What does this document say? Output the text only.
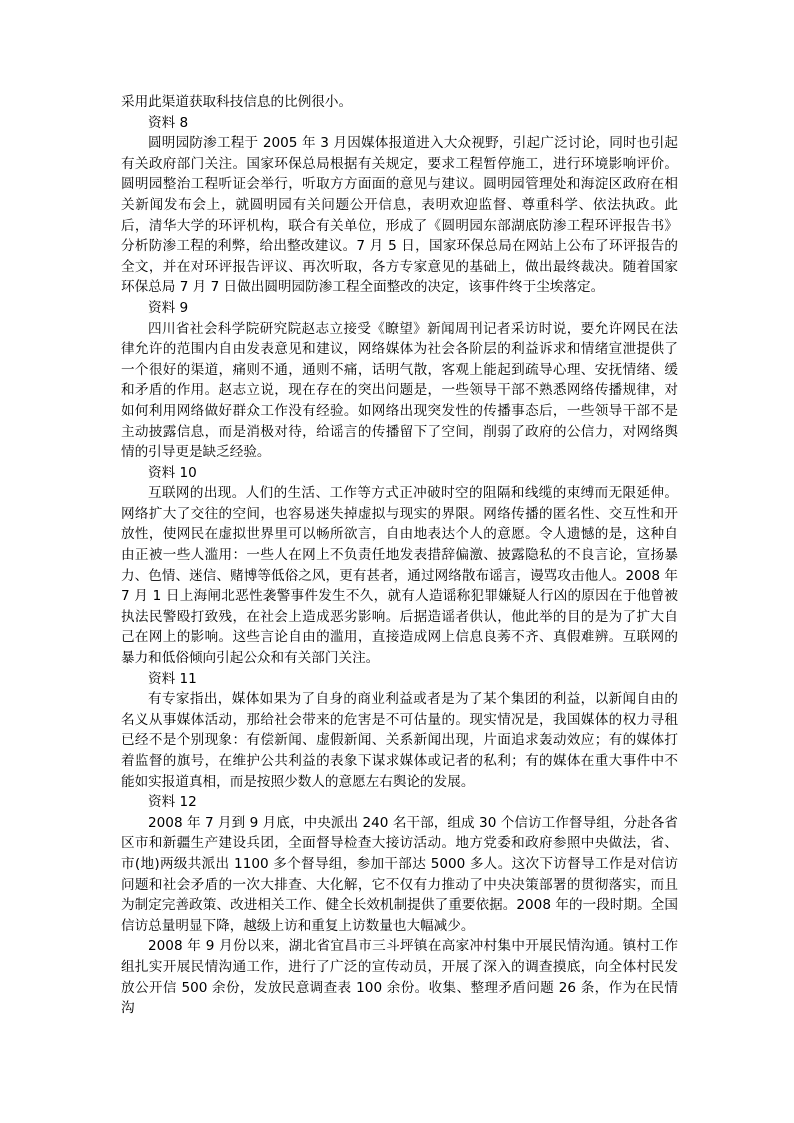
采用此渠道获取科技信息的比例很小。

资料 8

圆明园防渗工程于 2005 年 3 月因媒体报道进入大众视野，引起广泛讨论，同时也引起有关政府部门关注。国家环保总局根据有关规定，要求工程暂停施工，进行环境影响评价。圆明园整治工程听证会举行，听取方方面面的意见与建议。圆明园管理处和海淀区政府在相关新闻发布会上，就圆明园有关问题公开信息，表明欢迎监督、尊重科学、依法执政。此后，清华大学的环评机构，联合有关单位，形成了《圆明园东部湖底防渗工程环评报告书》分析防渗工程的利弊，给出整改建议。7 月 5 日，国家环保总局在网站上公布了环评报告的全文，并在对环评报告评议、再次听取，各方专家意见的基础上，做出最终裁决。随着国家环保总局 7 月 7 日做出圆明园防渗工程全面整改的决定，该事件终于尘埃落定。

资料 9

四川省社会科学院研究院赵志立接受《瞭望》新闻周刊记者采访时说，要允许网民在法律允许的范围内自由发表意见和建议，网络媒体为社会各阶层的利益诉求和情绪宣泄提供了一个很好的渠道，痛则不通，通则不痛，话明气散，客观上能起到疏导心理、安抚情绪、缓和矛盾的作用。赵志立说，现在存在的突出问题是，一些领导干部不熟悉网络传播规律，对如何利用网络做好群众工作没有经验。如网络出现突发性的传播事态后，一些领导干部不是主动披露信息，而是消极对待，给谣言的传播留下了空间，削弱了政府的公信力，对网络舆情的引导更是缺乏经验。

资料 10

互联网的出现。人们的生活、工作等方式正冲破时空的阻隔和线缆的束缚而无限延伸。网络扩大了交往的空间，也容易迷失掉虚拟与现实的界限。网络传播的匿名性、交互性和开放性，使网民在虚拟世界里可以畅所欲言，自由地表达个人的意愿。令人遗憾的是，这种自由正被一些人滥用：一些人在网上不负责任地发表措辞偏激、披露隐私的不良言论，宣扬暴力、色情、迷信、赌博等低俗之风，更有甚者，通过网络散布谣言，谩骂攻击他人。2008 年 7 月 1 日上海闸北恶性袭警事件发生不久，就有人造谣称犯罪嫌疑人行凶的原因在于他曾被执法民警殴打致残，在社会上造成恶劣影响。后据造谣者供认，他此举的目的是为了扩大自己在网上的影响。这些言论自由的滥用，直接造成网上信息良莠不齐、真假难辨。互联网的暴力和低俗倾向引起公众和有关部门关注。

资料 11

有专家指出，媒体如果为了自身的商业利益或者是为了某个集团的利益，以新闻自由的名义从事媒体活动，那给社会带来的危害是不可估量的。现实情况是，我国媒体的权力寻租已经不是个别现象：有偿新闻、虚假新闻、关系新闻出现，片面追求轰动效应；有的媒体打着监督的旗号，在维护公共利益的表象下谋求媒体或记者的私利；有的媒体在重大事件中不能如实报道真相，而是按照少数人的意愿左右舆论的发展。

资料 12

2008 年 7 月到 9 月底，中央派出 240 名干部，组成 30 个信访工作督导组，分赴各省区市和新疆生产建设兵团，全面督导检查大接访活动。地方党委和政府参照中央做法，省、市(地)两级共派出 1100 多个督导组，参加干部达 5000 多人。这次下访督导工作是对信访问题和社会矛盾的一次大排查、大化解，它不仅有力推动了中央决策部署的贯彻落实，而且为制定完善政策、改进相关工作、健全长效机制提供了重要依据。2008 年的一段时期。全国信访总量明显下降，越级上访和重复上访数量也大幅减少。

2008 年 9 月份以来，湖北省宜昌市三斗坪镇在高家冲村集中开展民情沟通。镇村工作组扎实开展民情沟通工作，进行了广泛的宣传动员，开展了深入的调查摸底，向全体村民发放公开信 500 余份，发放民意调查表 100 余份。收集、整理矛盾问题 26 条，作为在民情沟
